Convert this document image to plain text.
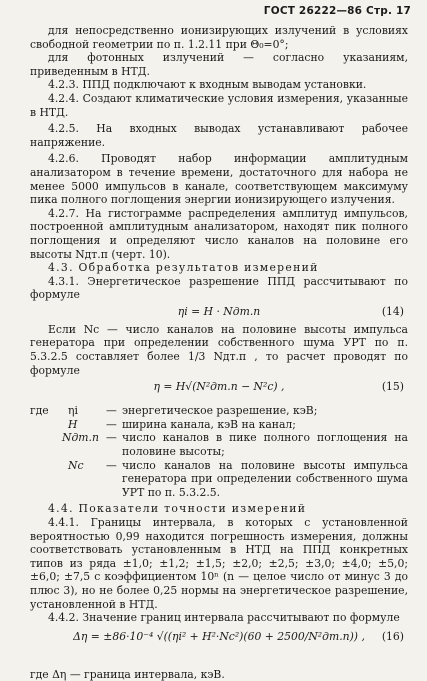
ГОСТ 26222—86 Стр. 17

для непосредственно ионизирующих излучений в условиях свободной геометрии по п. 1.2.11 при Θ₀=0°;

для фотонных излучений — согласно указаниям, приведенным в НТД.

4.2.3. ППД подключают к входным выводам установки.

4.2.4. Создают климатические условия измерения, указанные в НТД.

4.2.5. На входных выводах устанавливают рабочее напряжение.

4.2.6. Проводят набор информации амплитудным анализатором в течение времени, достаточного для набора не менее 5000 импульсов в канале, соответствующем максимуму пика полного поглощения энергии ионизирующего излучения.

4.2.7. На гистограмме распределения амплитуд импульсов, построенной амплитудным анализатором, находят пик полного поглощения и определяют число каналов на половине его высоты Nдт.п (черт. 10).

4.3. Обработка результатов измерений

4.3.1. Энергетическое разрешение ППД рассчитывают по формуле

ηi = H · Nдт.п	(14)

Если Nс — число каналов на половине высоты импульса генератора при определении собственного шума УРТ по п. 5.3.2.5 составляет более 1/3 Nдт.п , то расчет проводят по формуле

η = H√(N²дт.п − N²с) ,	(15)
где	ηi	— энергетическое разрешение, кэВ;
H	— ширина канала, кэВ на канал;
Nдт.п — число каналов в пике полного поглощения на половине высоты;
Nс	— число каналов на половине высоты импульса генератора при определении собственного шума УРТ по п. 5.3.2.5.

4.4. Показатели точности измерений

4.4.1. Границы интервала, в которых с установленной вероятностью 0,99 находится погрешность измерения, должны соответствовать установленным в НТД на ППД конкретных типов из ряда ±1,0; ±1,2; ±1,5; ±2,0; ±2,5; ±3,0; ±4,0; ±5,0; ±6,0; ±7,5 с коэффициентом 10ⁿ (n — целое число от минус 3 до плюс 3), но не более 0,25 нормы на энергетическое разрешение, установленной в НТД.

4.4.2. Значение границ интервала рассчитывают по формуле

Δη = ±86·10⁻⁴ √((ηi² + H²·Nс²)(60 + 2500/N²дт.п)) , (16)

где Δη — граница интервала, кэВ.
